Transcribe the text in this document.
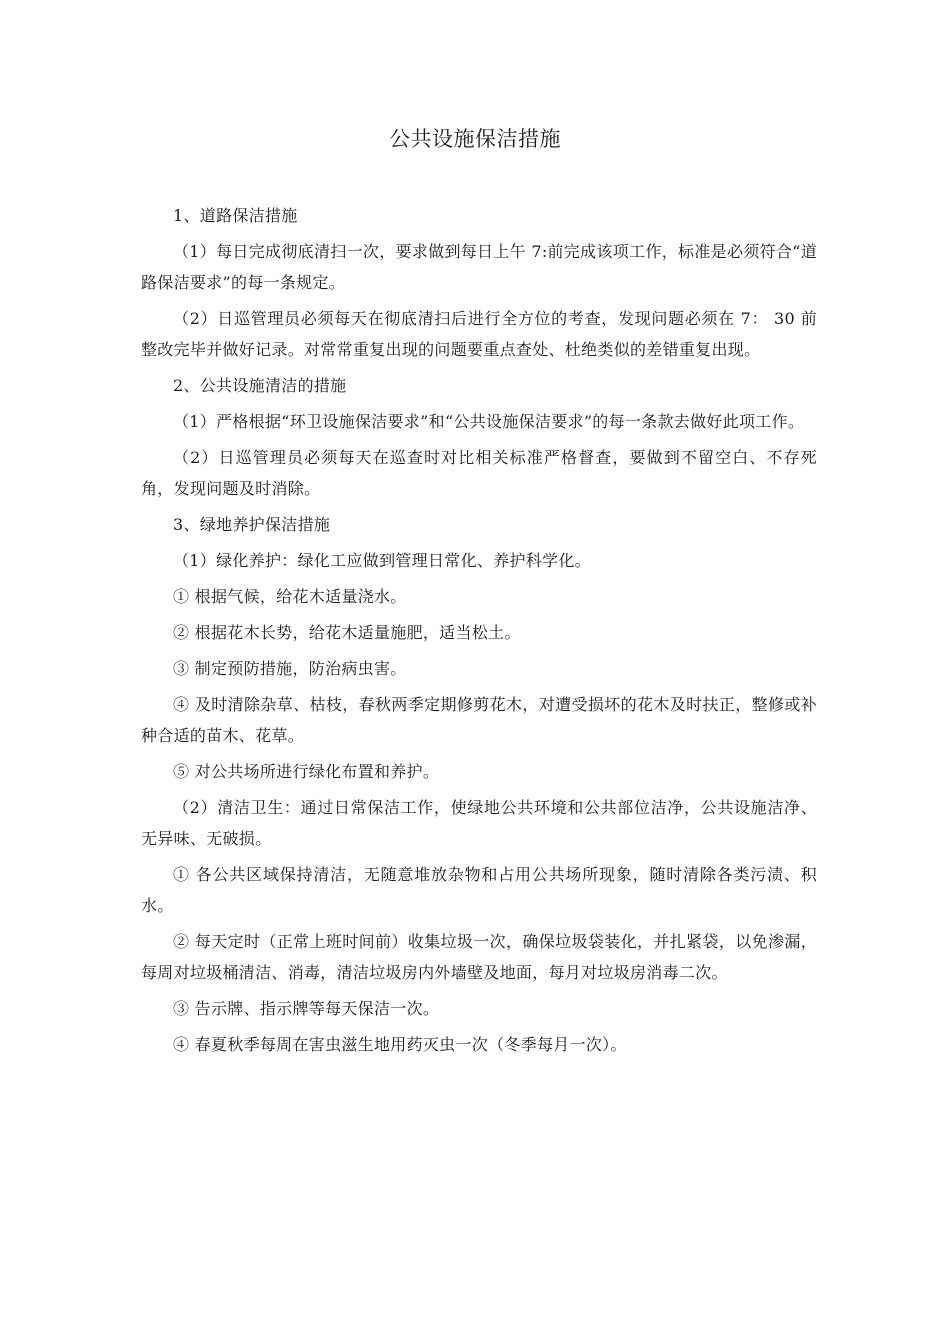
公共设施保洁措施

1、道路保洁措施

（1）每日完成彻底清扫一次，要求做到每日上午 7:前完成该项工作，标准是必须符合“道路保洁要求”的每一条规定。

（2）日巡管理员必须每天在彻底清扫后进行全方位的考查，发现问题必须在 7： 30 前整改完毕并做好记录。对常常重复出现的问题要重点查处、杜绝类似的差错重复出现。

2、公共设施清洁的措施

（1）严格根据“环卫设施保洁要求”和“公共设施保洁要求”的每一条款去做好此项工作。

（2）日巡管理员必须每天在巡查时对比相关标准严格督查，要做到不留空白、不存死角，发现问题及时消除。

3、绿地养护保洁措施

（1）绿化养护：绿化工应做到管理日常化、养护科学化。

① 根据气候，给花木适量浇水。

② 根据花木长势，给花木适量施肥，适当松土。

③ 制定预防措施，防治病虫害。

④ 及时清除杂草、枯枝，春秋两季定期修剪花木，对遭受损坏的花木及时扶正，整修或补种合适的苗木、花草。

⑤ 对公共场所进行绿化布置和养护。

（2）清洁卫生：通过日常保洁工作，使绿地公共环境和公共部位洁净，公共设施洁净、无异味、无破损。

① 各公共区域保持清洁，无随意堆放杂物和占用公共场所现象，随时清除各类污渍、积水。

② 每天定时（正常上班时间前）收集垃圾一次，确保垃圾袋装化，并扎紧袋，以免渗漏，每周对垃圾桶清洁、消毒，清洁垃圾房内外墙壁及地面，每月对垃圾房消毒二次。

③ 告示牌、指示牌等每天保洁一次。

④ 春夏秋季每周在害虫滋生地用药灭虫一次（冬季每月一次）。
